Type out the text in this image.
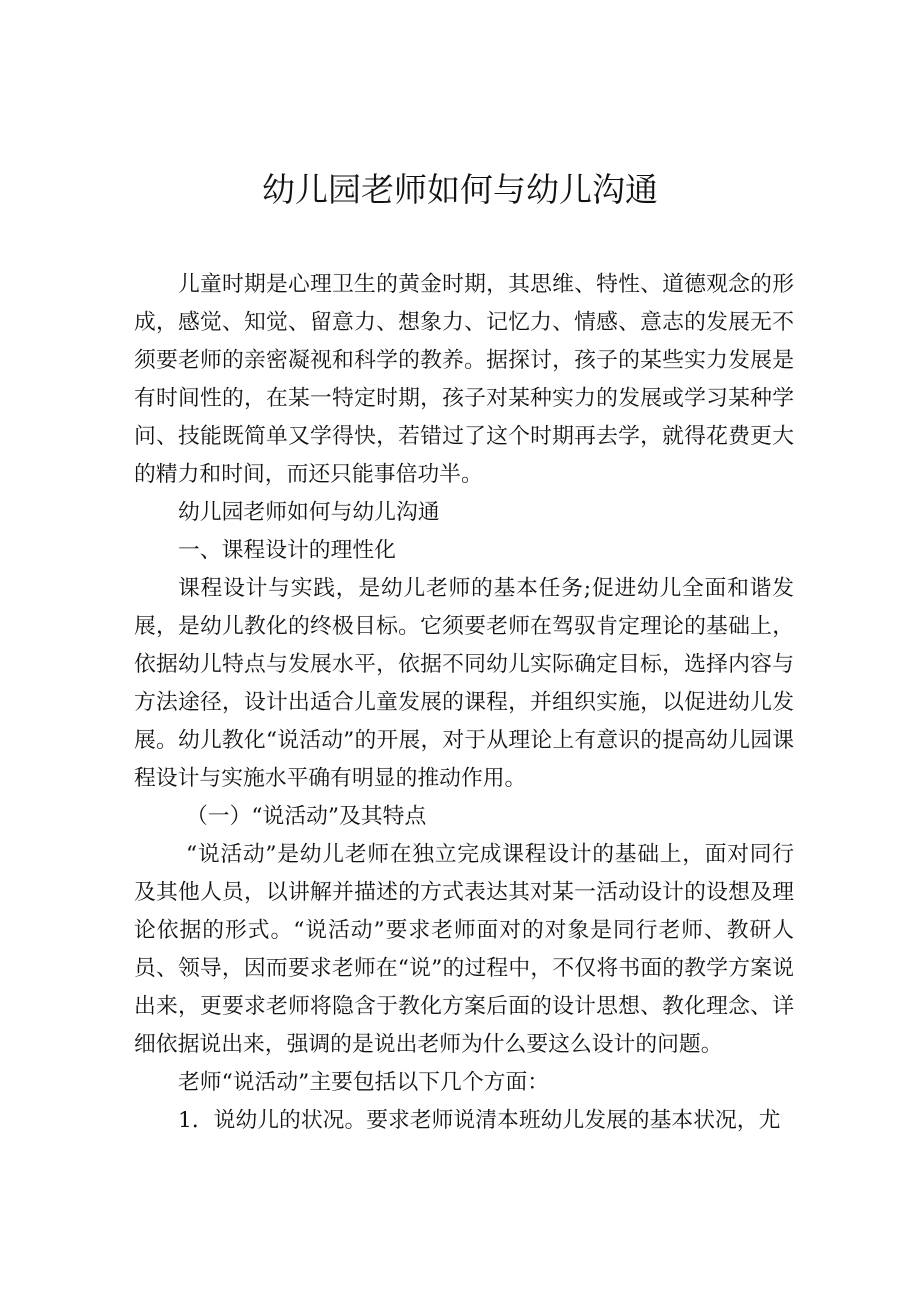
幼儿园老师如何与幼儿沟通

儿童时期是心理卫生的黄金时期，其思维、特性、道德观念的形成，感觉、知觉、留意力、想象力、记忆力、情感、意志的发展无不须要老师的亲密凝视和科学的教养。据探讨，孩子的某些实力发展是有时间性的，在某一特定时期，孩子对某种实力的发展或学习某种学问、技能既简单又学得快，若错过了这个时期再去学，就得花费更大的精力和时间，而还只能事倍功半。

幼儿园老师如何与幼儿沟通

一、课程设计的理性化

课程设计与实践，是幼儿老师的基本任务;促进幼儿全面和谐发展，是幼儿教化的终极目标。它须要老师在驾驭肯定理论的基础上，依据幼儿特点与发展水平，依据不同幼儿实际确定目标，选择内容与方法途径，设计出适合儿童发展的课程，并组织实施，以促进幼儿发展。幼儿教化“说活动”的开展，对于从理论上有意识的提高幼儿园课程设计与实施水平确有明显的推动作用。

（一）“说活动”及其特点

“说活动”是幼儿老师在独立完成课程设计的基础上，面对同行及其他人员，以讲解并描述的方式表达其对某一活动设计的设想及理论依据的形式。“说活动”要求老师面对的对象是同行老师、教研人员、领导，因而要求老师在“说”的过程中，不仅将书面的教学方案说出来，更要求老师将隐含于教化方案后面的设计思想、教化理念、详细依据说出来，强调的是说出老师为什么要这么设计的问题。

老师“说活动”主要包括以下几个方面：

1．说幼儿的状况。要求老师说清本班幼儿发展的基本状况，尤
